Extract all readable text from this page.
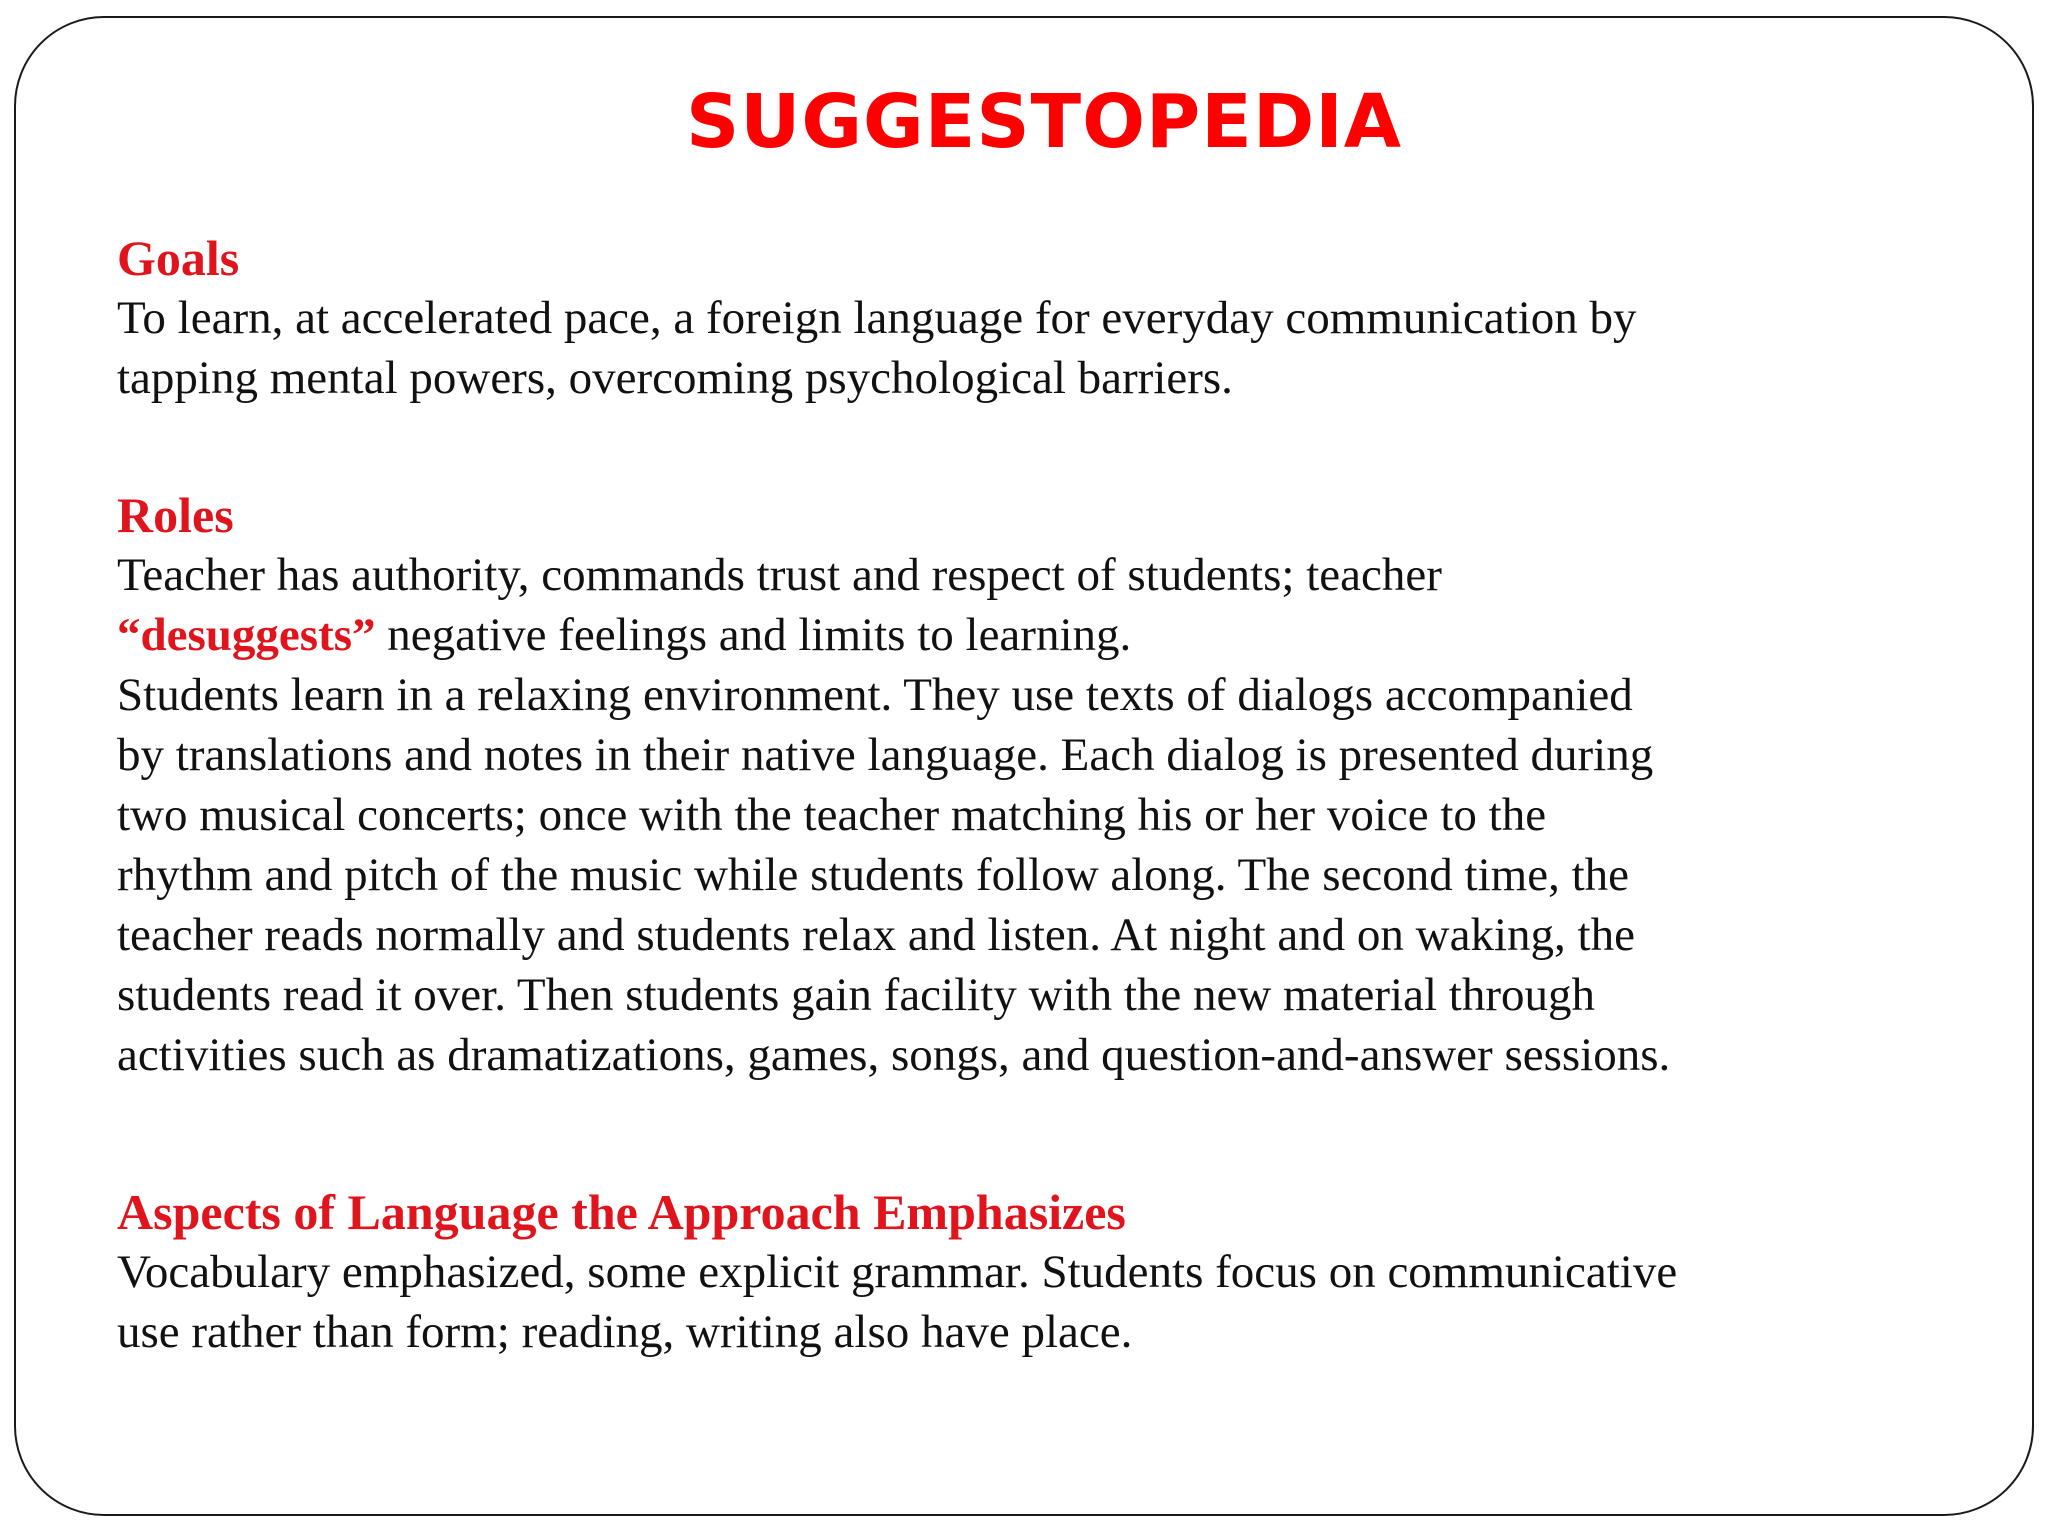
SUGGESTOPEDIA

Goals

To learn, at accelerated pace, a foreign language for everyday communication by
tapping mental powers, overcoming psychological barriers.

Roles

Teacher has authority, commands trust and respect of students; teacher
“desuggests” negative feelings and limits to learning.

Students learn in a relaxing environment. They use texts of dialogs accompanied
by translations and notes in their native language. Each dialog is presented during
two musical concerts; once with the teacher matching his or her voice to the
rhythm and pitch of the music while students follow along. The second time, the
teacher reads normally and students relax and listen. At night and on waking, the
students read it over. Then students gain facility with the new material through
activities such as dramatizations, games, songs, and question-and-answer sessions.

Aspects of Language the Approach Emphasizes

Vocabulary emphasized, some explicit grammar. Students focus on communicative
use rather than form; reading, writing also have place.
